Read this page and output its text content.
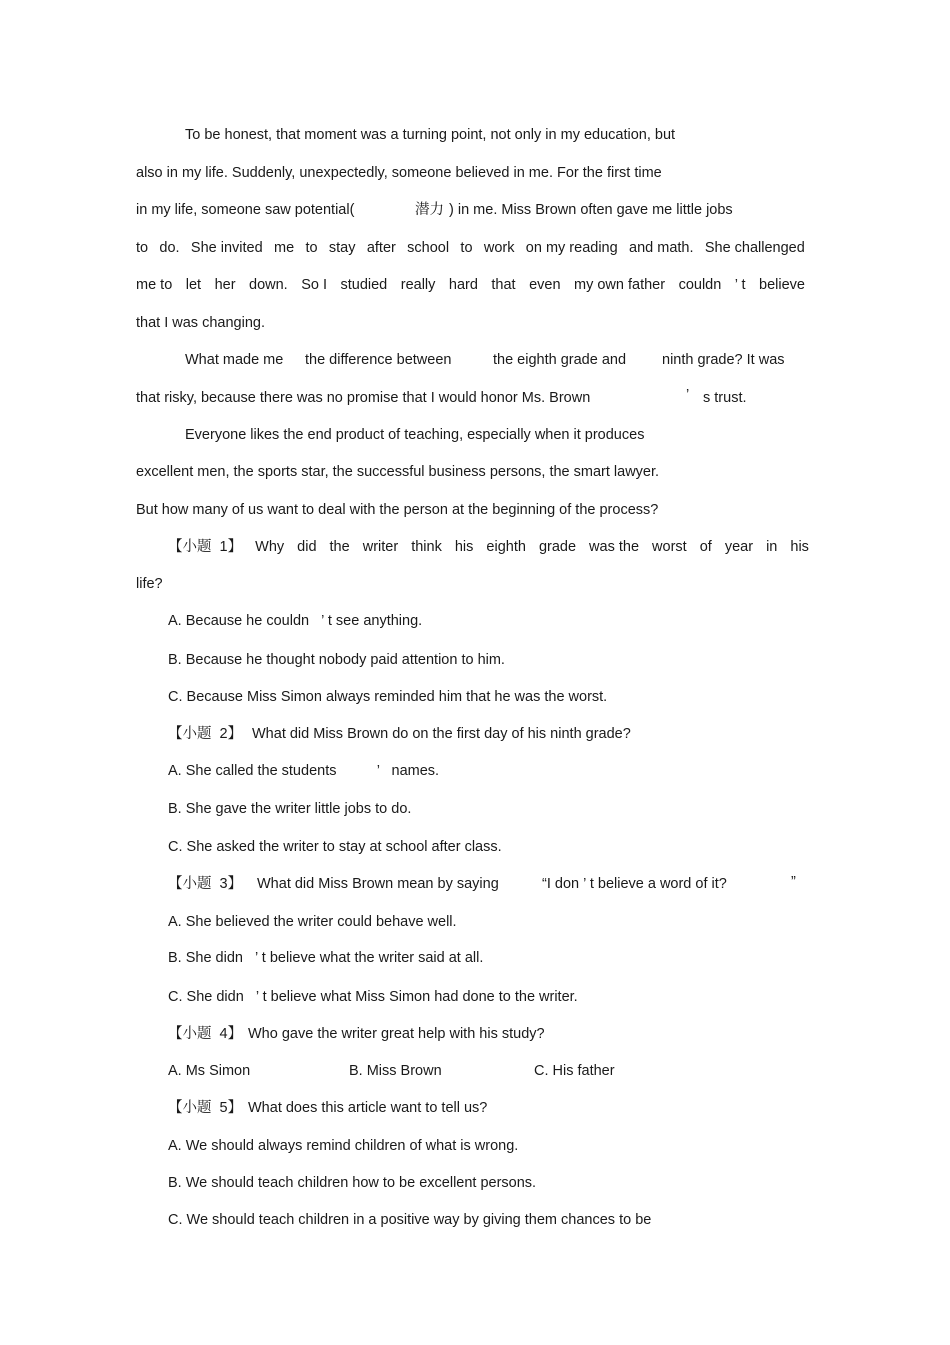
To be honest, that moment was a turning point, not only in my education, but

also in my life. Suddenly, unexpectedly, someone believed in me. For the first time

in my life, someone saw potential(	潜力 ) in me. Miss Brown often gave me little jobs

to do. She invited me to stay after school to work on my reading and math. She challenged
me to let her down. So I studied really hard that even my own father couldn ’ t believe

that I was changing.

What made me the difference between	the eighth grade and ninth grade? It was

that risky, because there was no promise that I would honor Ms. Brown	’ s trust.

Everyone likes the end product of teaching, especially when it produces

excellent men, the sports star, the successful business persons, the smart lawyer.

But how many of us want to deal with the person at the beginning of the process?

【小题  1】 Why did the writer think his eighth grade was the worst of year in his

life?

A. Because he couldn   ’ t see anything.

B. Because he thought nobody paid attention to him.

C. Because Miss Simon always reminded him that he was the worst.

【小题  2】 What did Miss Brown do on the first day of his ninth grade?

A. She called the students          ’   names.

B. She gave the writer little jobs to do.

C. She asked the writer to stay at school after class.

【小题  3】 What did Miss Brown mean by saying	“I don ’ t believe a word of it?	”

A. She believed the writer could behave well.

B. She didn   ’ t believe what the writer said at all.

C. She didn   ’ t believe what Miss Simon had done to the writer.

【小题  4】 Who gave the writer great help with his study?

A. Ms Simon	B. Miss Brown	C. His father

【小题  5】 What does this article want to tell us?

A. We should always remind children of what is wrong.

B. We should teach children how to be excellent persons.

C. We should teach children in a positive way by giving them chances to be
